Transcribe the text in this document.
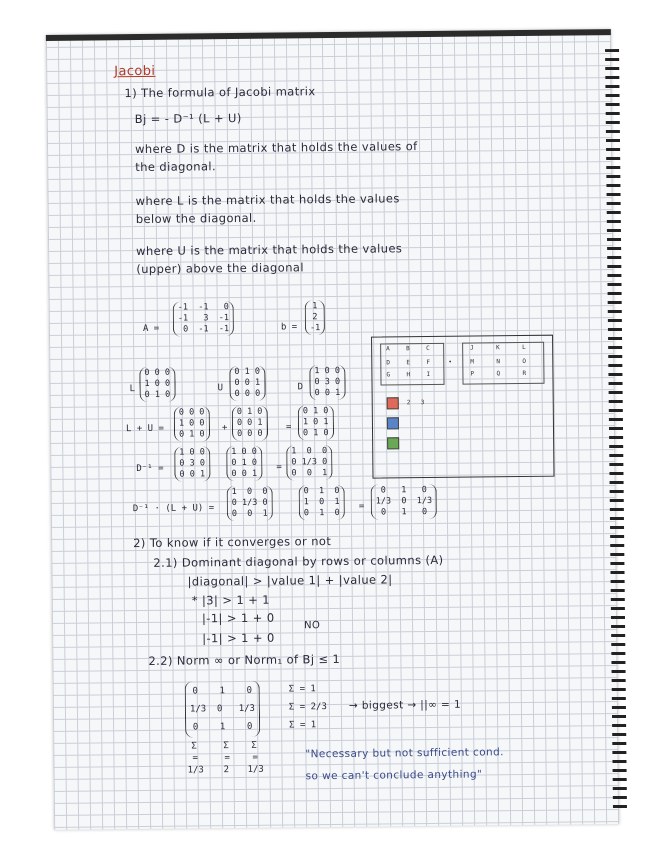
Jacobi
1) The formula of Jacobi matrix
Bj = - D⁻¹ (L + U)
where D is the matrix that holds the values of
the diagonal.
where L is the matrix that holds the values
below the diagonal.
where U is the matrix that holds the values
(upper) above the diagonal
A =
-1  -1   0
-1   3  -1
0  -1  -1	b =
1
2
-1
L
0 0 0
1 0 0
0 1 0
U
0 1 0
0 0 1
0 0 0
D
1 0 0
0 3 0
0 0 1
L + U =
0 0 0
1 0 0
0 1 0
+
0 1 0
0 0 1
0 0 0
=
0 1 0
1 0 1
0 1 0
D⁻¹ =
1 0 0
0 3 0
0 0 1
1 0 0
0 1 0
0 0 1
=
1  0  0
0 1/3 0
0  0  1
D⁻¹ · (L + U) =
1  0  0
0 1/3 0
0  0  1
0  1  0
1  0  1
0  1  0
=
0   1   0
1/3  0  1/3
0   1   0
A	B	C
D	E	F
G	H	I
•
J	K	L
M	N	O
P	Q	R
2 3
2) To know if it converges or not
2.1) Dominant diagonal by rows or columns (A)
|diagonal| > |value 1| + |value 2|
* |3| > 1 + 1
|-1| > 1 + 0
|-1| > 1 + 0
NO
2.2) Norm ∞ or Norm₁ of Bj ≤ 1
0    1    0
1/3  0   1/3
0    1    0
Σ = 1
Σ = 2/3
Σ = 1
→ biggest → ||∞ = 1
Σ	Σ Σ
=	= =
1/3 2 1/3
"Necessary but not sufficient cond.
so we can't conclude anything"
